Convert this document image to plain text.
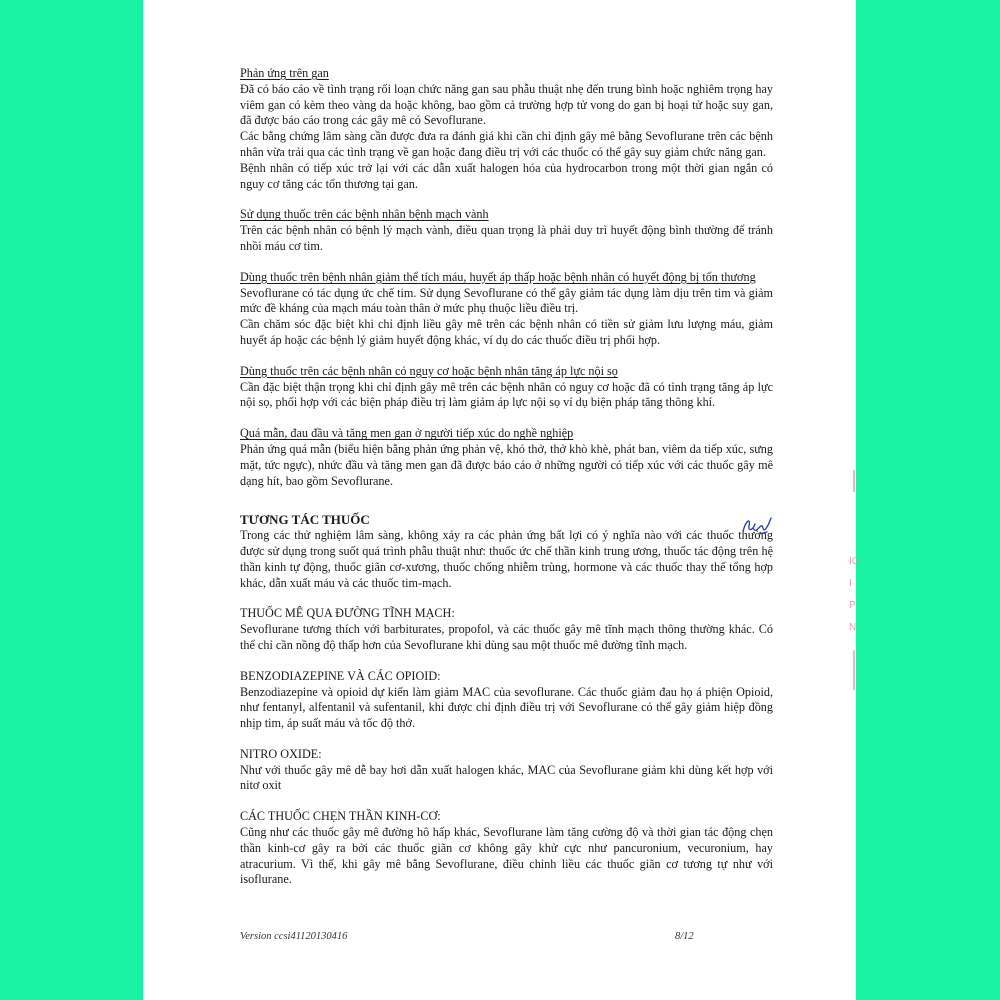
Phản ứng trên gan
Đã có báo cáo về tình trạng rối loạn chức năng gan sau phẫu thuật nhẹ đến trung bình hoặc nghiêm trọng hay viêm gan có kèm theo vàng da hoặc không, bao gồm cả trường hợp tử vong do gan bị hoại tử hoặc suy gan, đã được báo cáo trong các gây mê có Sevoflurane.
Các bằng chứng lâm sàng cần được đưa ra đánh giá khi cần chỉ định gây mê bằng Sevoflurane trên các bệnh nhân vừa trải qua các tình trạng về gan hoặc đang điều trị với các thuốc có thể gây suy giảm chức năng gan.
Bệnh nhân có tiếp xúc trở lại với các dẫn xuất halogen hóa của hydrocarbon trong một thời gian ngắn có nguy cơ tăng các tổn thương tại gan.
Sử dụng thuốc trên các bệnh nhân bệnh mạch vành
Trên các bệnh nhân có bệnh lý mạch vành, điều quan trọng là phải duy trì huyết động bình thường để tránh nhồi máu cơ tim.
Dùng thuốc trên bệnh nhân giảm thể tích máu, huyết áp thấp hoặc bệnh nhân có huyết động bị tổn thương
Sevoflurane có tác dụng ức chế tim. Sử dụng Sevoflurane có thể gây giảm tác dụng làm dịu trên tim và giảm mức đề kháng của mạch máu toàn thân ở mức phụ thuộc liều điều trị.
Cần chăm sóc đặc biệt khi chỉ định liều gây mê trên các bệnh nhân có tiền sử giảm lưu lượng máu, giảm huyết áp hoặc các bệnh lý giảm huyết động khác, ví dụ do các thuốc điều trị phối hợp.
Dùng thuốc trên các bệnh nhân có nguy cơ hoặc bệnh nhân tăng áp lực nội sọ
Cần đặc biệt thận trọng khi chỉ định gây mê trên các bệnh nhân có nguy cơ hoặc đã có tình trạng tăng áp lực nội sọ, phối hợp với các biện pháp điều trị làm giảm áp lực nội sọ ví dụ biện pháp tăng thông khí.
Quá mẫn, đau đầu và tăng men gan ở người tiếp xúc do nghề nghiệp
Phản ứng quá mẫn (biểu hiện bằng phản ứng phản vệ, khó thở, thở khò khè, phát ban, viêm da tiếp xúc, sưng mặt, tức ngực), nhức đầu và tăng men gan đã được báo cáo ở những người có tiếp xúc với các thuốc gây mê dạng hít, bao gồm Sevoflurane.
TƯƠNG TÁC THUỐC
Trong các thử nghiệm lâm sàng, không xảy ra các phản ứng bất lợi có ý nghĩa nào với các thuốc thường được sử dụng trong suốt quá trình phẫu thuật như: thuốc ức chế thần kinh trung ương, thuốc tác động trên hệ thần kinh tự động, thuốc giãn cơ-xương, thuốc chống nhiễm trùng, hormone và các thuốc thay thế tổng hợp khác, dẫn xuất máu và các thuốc tim-mạch.
THUỐC MÊ QUA ĐƯỜNG TĨNH MẠCH:
Sevoflurane tương thích với barbiturates, propofol, và các thuốc gây mê tĩnh mạch thông thường khác. Có thể chỉ cần nồng độ thấp hơn của Sevoflurane khi dùng sau một thuốc mê đường tĩnh mạch.
BENZODIAZEPINE VÀ CÁC OPIOID:
Benzodiazepine và opioid dự kiến làm giảm MAC của sevoflurane. Các thuốc giảm đau họ á phiện Opioid, như fentanyl, alfentanil và sufentanil, khi được chỉ định điều trị với Sevoflurane có thể gây giảm hiệp đồng nhịp tim, áp suất máu và tốc độ thở.
NITRO OXIDE:
Như với thuốc gây mê dễ bay hơi dẫn xuất halogen khác, MAC của Sevoflurane giảm khi dùng kết hợp với nitơ oxit
CÁC THUỐC CHẸN THẦN KINH-CƠ:
Cũng như các thuốc gây mê đường hô hấp khác, Sevoflurane làm tăng cường độ và thời gian tác động chẹn thần kinh-cơ gây ra bởi các thuốc giãn cơ không gây khử cực như pancuronium, vecuronium, hay atracurium. Vì thế, khi gây mê bằng Sevoflurane, điều chỉnh liều các thuốc giãn cơ tương tự như với isoflurane.
IG
I
P
N
Version ccsi41120130416	8/12
